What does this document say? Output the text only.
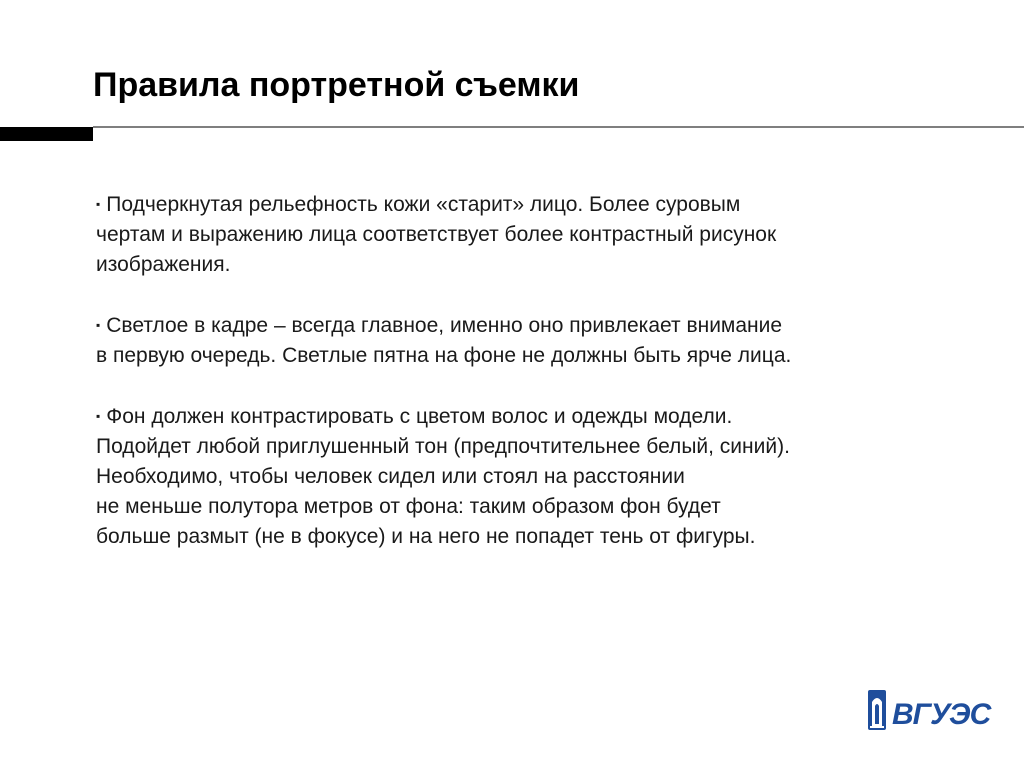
Правила портретной съемки

▪ Подчеркнутая рельефность кожи «старит» лицо. Более суровым
чертам и выражению лица соответствует более контрастный рисунок
изображения.

▪ Светлое в кадре – всегда главное, именно оно привлекает внимание
в первую очередь. Светлые пятна на фоне не должны быть ярче лица.

▪ Фон должен контрастировать с цветом волос и одежды модели.
Подойдет любой приглушенный тон (предпочтительнее белый, синий).
Необходимо, чтобы человек сидел или стоял на расстоянии
не меньше полутора метров от фона: таким образом фон будет
больше размыт (не в фокусе) и на него не попадет тень от фигуры.

ВГУЭС
